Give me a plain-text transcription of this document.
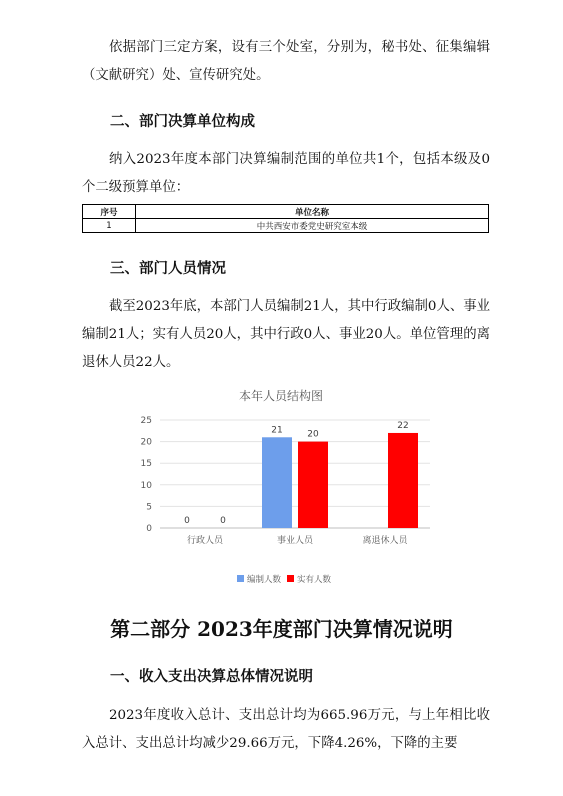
依据部门三定方案，设有三个处室，分别为，秘书处、征集编辑（文献研究）处、宣传研究处。

二、部门决算单位构成

纳入2023年度本部门决算编制范围的单位共1个，包括本级及0个二级预算单位：

序号	单位名称
1	中共西安市委党史研究室本级
三、部门人员情况

截至2023年底，本部门人员编制21人，其中行政编制0人、事业编制21人；实有人员20人，其中行政0人、事业20人。单位管理的离退休人员22人。

本年人员结构图
0
5
10
15
20
25
行政人员
0	0
事业人员
21	20
离退休人员
22
编制人数 实有人数
第二部分 2023年度部门决算情况说明
一、收入支出决算总体情况说明

2023年度收入总计、支出总计均为665.96万元，与上年相比收入总计、支出总计均减少29.66万元，下降4.26%，下降的主要
